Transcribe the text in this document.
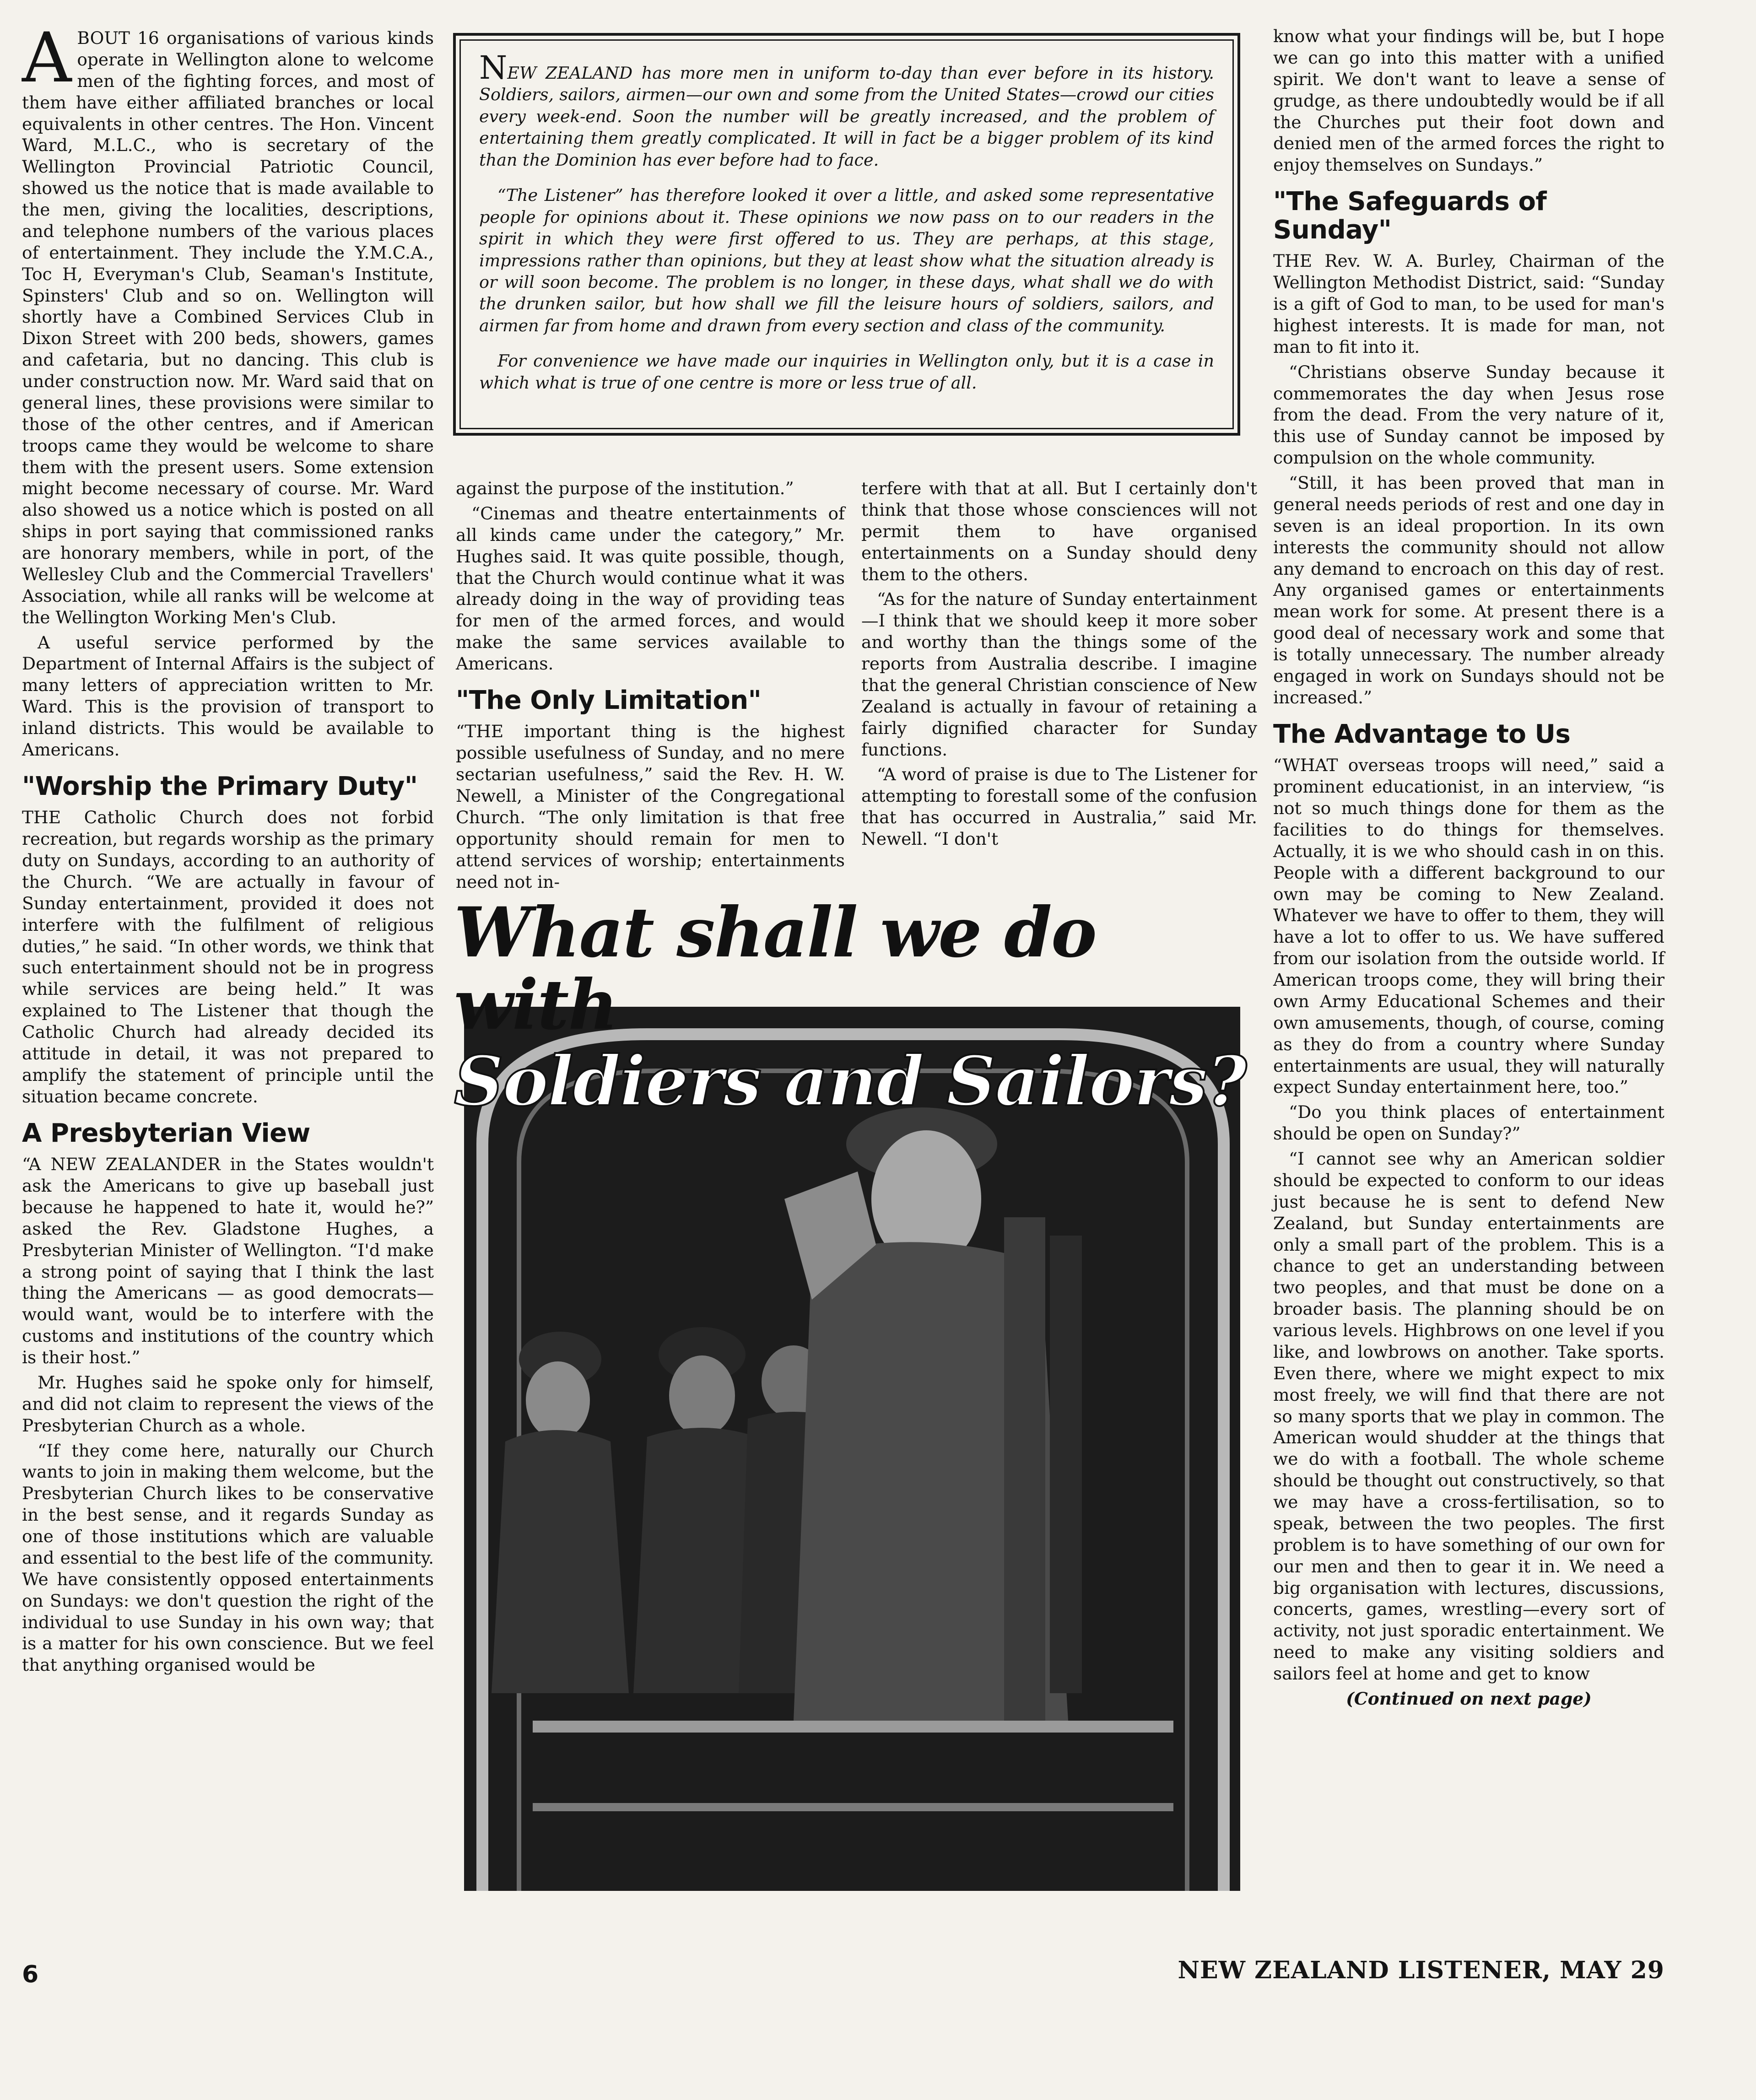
ABOUT 16 organisations of various kinds operate in Wellington alone to welcome men of the fighting forces, and most of them have either affiliated branches or local equivalents in other centres. The Hon. Vincent Ward, M.L.C., who is secretary of the Wellington Provincial Patriotic Council, showed us the notice that is made available to the men, giving the localities, descriptions, and telephone numbers of the various places of entertainment. They include the Y.M.C.A., Toc H, Everyman's Club, Seaman's Institute, Spinsters' Club and so on. Wellington will shortly have a Combined Services Club in Dixon Street with 200 beds, showers, games and cafetaria, but no dancing. This club is under construction now. Mr. Ward said that on general lines, these provisions were similar to those of the other centres, and if American troops came they would be welcome to share them with the present users. Some extension might become necessary of course. Mr. Ward also showed us a notice which is posted on all ships in port saying that commissioned ranks are honorary members, while in port, of the Wellesley Club and the Commercial Travellers' Association, while all ranks will be welcome at the Wellington Working Men's Club.

A useful service performed by the Department of Internal Affairs is the subject of many letters of appreciation written to Mr. Ward. This is the provision of transport to inland districts. This would be available to Americans.

"Worship the Primary Duty"

THE Catholic Church does not forbid recreation, but regards worship as the primary duty on Sundays, according to an authority of the Church. “We are actually in favour of Sunday entertainment, provided it does not interfere with the fulfilment of religious duties,” he said. “In other words, we think that such entertainment should not be in progress while services are being held.” It was explained to The Listener that though the Catholic Church had already decided its attitude in detail, it was not prepared to amplify the statement of principle until the situation became concrete.

A Presbyterian View

“A NEW ZEALANDER in the States wouldn't ask the Americans to give up baseball just because he happened to hate it, would he?” asked the Rev. Gladstone Hughes, a Presbyterian Minister of Wellington. “I'd make a strong point of saying that I think the last thing the Americans — as good democrats—would want, would be to interfere with the customs and institutions of the country which is their host.”

Mr. Hughes said he spoke only for himself, and did not claim to represent the views of the Presbyterian Church as a whole.

“If they come here, naturally our Church wants to join in making them welcome, but the Presbyterian Church likes to be conservative in the best sense, and it regards Sunday as one of those institutions which are valuable and essential to the best life of the community. We have consistently opposed entertainments on Sundays: we don't question the right of the individual to use Sunday in his own way; that is a matter for his own conscience. But we feel that anything organised would be

NEW ZEALAND has more men in uniform to-day than ever before in its history. Soldiers, sailors, airmen—our own and some from the United States—crowd our cities every week-end. Soon the number will be greatly increased, and the problem of entertaining them greatly complicated. It will in fact be a bigger problem of its kind than the Dominion has ever before had to face.

“The Listener” has therefore looked it over a little, and asked some representative people for opinions about it. These opinions we now pass on to our readers in the spirit in which they were first offered to us. They are perhaps, at this stage, impressions rather than opinions, but they at least show what the situation already is or will soon become. The problem is no longer, in these days, what shall we do with the drunken sailor, but how shall we fill the leisure hours of soldiers, sailors, and airmen far from home and drawn from every section and class of the community.

For convenience we have made our inquiries in Wellington only, but it is a case in which what is true of one centre is more or less true of all.

against the purpose of the institution.”

“Cinemas and theatre entertainments of all kinds came under the category,” Mr. Hughes said. It was quite possible, though, that the Church would continue what it was already doing in the way of providing teas for men of the armed forces, and would make the same services available to Americans.

"The Only Limitation"

“THE important thing is the highest possible usefulness of Sunday, and no mere sectarian usefulness,” said the Rev. H. W. Newell, a Minister of the Congregational Church. “The only limitation is that free opportunity should remain for men to attend services of worship; entertainments need not in-

terfere with that at all. But I certainly don't think that those whose consciences will not permit them to have organised entertainments on a Sunday should deny them to the others.

“As for the nature of Sunday entertainment—I think that we should keep it more sober and worthy than the things some of the reports from Australia describe. I imagine that the general Christian conscience of New Zealand is actually in favour of retaining a fairly dignified character for Sunday functions.

“A word of praise is due to The Listener for attempting to forestall some of the confusion that has occurred in Australia,” said Mr. Newell. “I don't

What shall we do with
Soldiers and Sailors?

know what your findings will be, but I hope we can go into this matter with a unified spirit. We don't want to leave a sense of grudge, as there undoubtedly would be if all the Churches put their foot down and denied men of the armed forces the right to enjoy themselves on Sundays.”

"The Safeguards of Sunday"

THE Rev. W. A. Burley, Chairman of the Wellington Methodist District, said: “Sunday is a gift of God to man, to be used for man's highest interests. It is made for man, not man to fit into it.

“Christians observe Sunday because it commemorates the day when Jesus rose from the dead. From the very nature of it, this use of Sunday cannot be imposed by compulsion on the whole community.

“Still, it has been proved that man in general needs periods of rest and one day in seven is an ideal proportion. In its own interests the community should not allow any demand to encroach on this day of rest. Any organised games or entertainments mean work for some. At present there is a good deal of necessary work and some that is totally unnecessary. The number already engaged in work on Sundays should not be increased.”

The Advantage to Us

“WHAT overseas troops will need,” said a prominent educationist, in an interview, “is not so much things done for them as the facilities to do things for themselves. Actually, it is we who should cash in on this. People with a different background to our own may be coming to New Zealand. Whatever we have to offer to them, they will have a lot to offer to us. We have suffered from our isolation from the outside world. If American troops come, they will bring their own Army Educational Schemes and their own amusements, though, of course, coming as they do from a country where Sunday entertainments are usual, they will naturally expect Sunday entertainment here, too.”

“Do you think places of entertainment should be open on Sunday?”

“I cannot see why an American soldier should be expected to conform to our ideas just because he is sent to defend New Zealand, but Sunday entertainments are only a small part of the problem. This is a chance to get an understanding between two peoples, and that must be done on a broader basis. The planning should be on various levels. Highbrows on one level if you like, and lowbrows on another. Take sports. Even there, where we might expect to mix most freely, we will find that there are not so many sports that we play in common. The American would shudder at the things that we do with a football. The whole scheme should be thought out constructively, so that we may have a cross-fertilisation, so to speak, between the two peoples. The first problem is to have something of our own for our men and then to gear it in. We need a big organisation with lectures, discussions, concerts, games, wrestling—every sort of activity, not just sporadic entertainment. We need to make any visiting soldiers and sailors feel at home and get to know

(Continued on next page)

6	NEW ZEALAND LISTENER, MAY 29
